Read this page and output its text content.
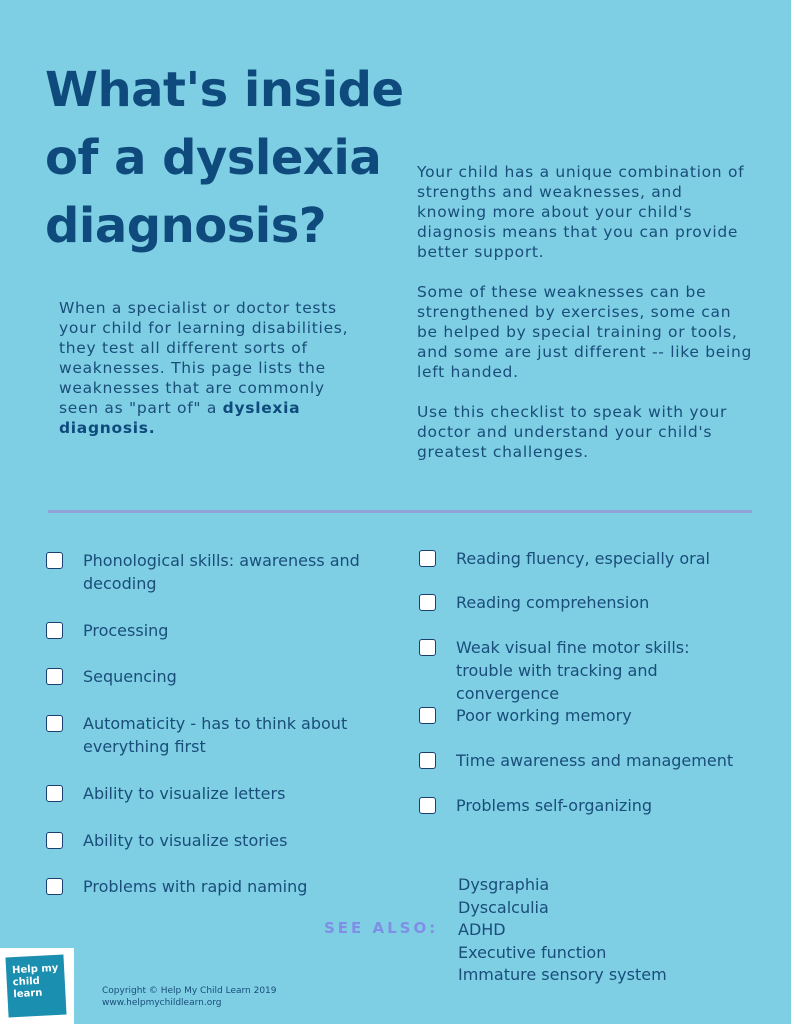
What's inside of a dyslexia diagnosis?

When a specialist or doctor tests your child for learning disabilities, they test all different sorts of weaknesses. This page lists the weaknesses that are commonly seen as "part of" a dyslexia diagnosis.

Your child has a unique combination of strengths and weaknesses, and knowing more about your child's diagnosis means that you can provide better support.

Some of these weaknesses can be strengthened by exercises, some can be helped by special training or tools, and some are just different -- like being left handed.

Use this checklist to speak with your doctor and understand your child's greatest challenges.

Phonological skills: awareness and decoding
Processing
Sequencing
Automaticity - has to think about everything first
Ability to visualize letters
Ability to visualize stories
Problems with rapid naming
Reading fluency, especially oral
Reading comprehension
Weak visual fine motor skills: trouble with tracking and convergence
Poor working memory
Time awareness and management
Problems self-organizing
SEE ALSO:
Dysgraphia
Dyscalculia
ADHD
Executive function
Immature sensory system
Help my child learn	Copyright © Help My Child Learn 2019
www.helpmychildlearn.org
